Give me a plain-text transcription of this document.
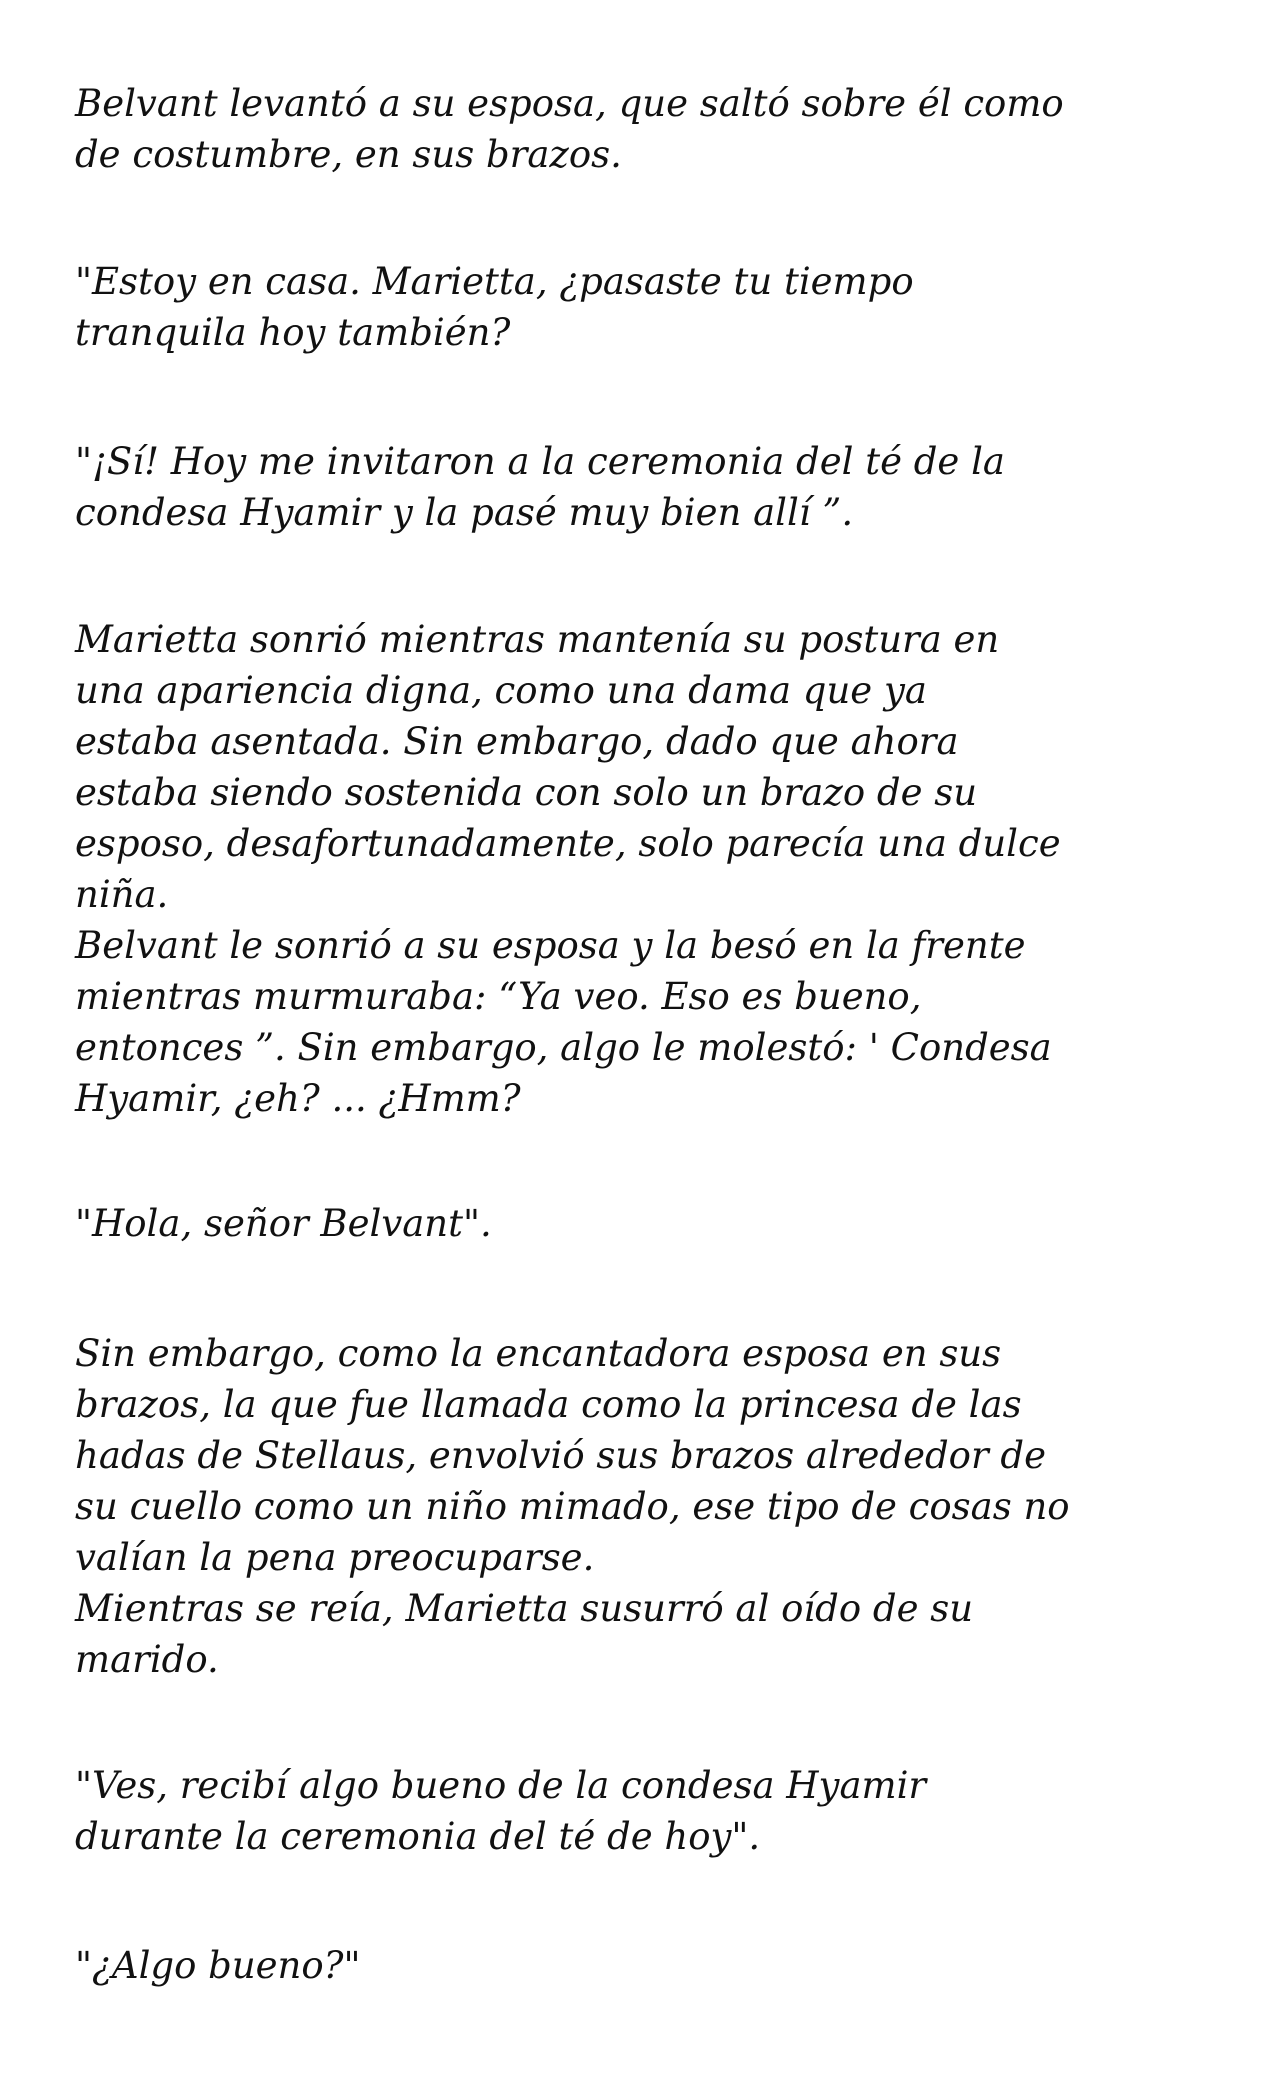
Belvant levantó a su esposa, que saltó sobre él como
de costumbre, en sus brazos.

"Estoy en casa. Marietta, ¿pasaste tu tiempo
tranquila hoy también?

"¡Sí! Hoy me invitaron a la ceremonia del té de la
condesa Hyamir y la pasé muy bien allí ”.

Marietta sonrió mientras mantenía su postura en
una apariencia digna, como una dama que ya
estaba asentada. Sin embargo, dado que ahora
estaba siendo sostenida con solo un brazo de su
esposo, desafortunadamente, solo parecía una dulce
niña.
Belvant le sonrió a su esposa y la besó en la frente
mientras murmuraba: “Ya veo. Eso es bueno,
entonces ”. Sin embargo, algo le molestó: ' Condesa
Hyamir, ¿eh? ... ¿Hmm?

"Hola, señor Belvant".

Sin embargo, como la encantadora esposa en sus
brazos, la que fue llamada como la princesa de las
hadas de Stellaus, envolvió sus brazos alrededor de
su cuello como un niño mimado, ese tipo de cosas no
valían la pena preocuparse.
Mientras se reía, Marietta susurró al oído de su
marido.

"Ves, recibí algo bueno de la condesa Hyamir
durante la ceremonia del té de hoy".

"¿Algo bueno?"
